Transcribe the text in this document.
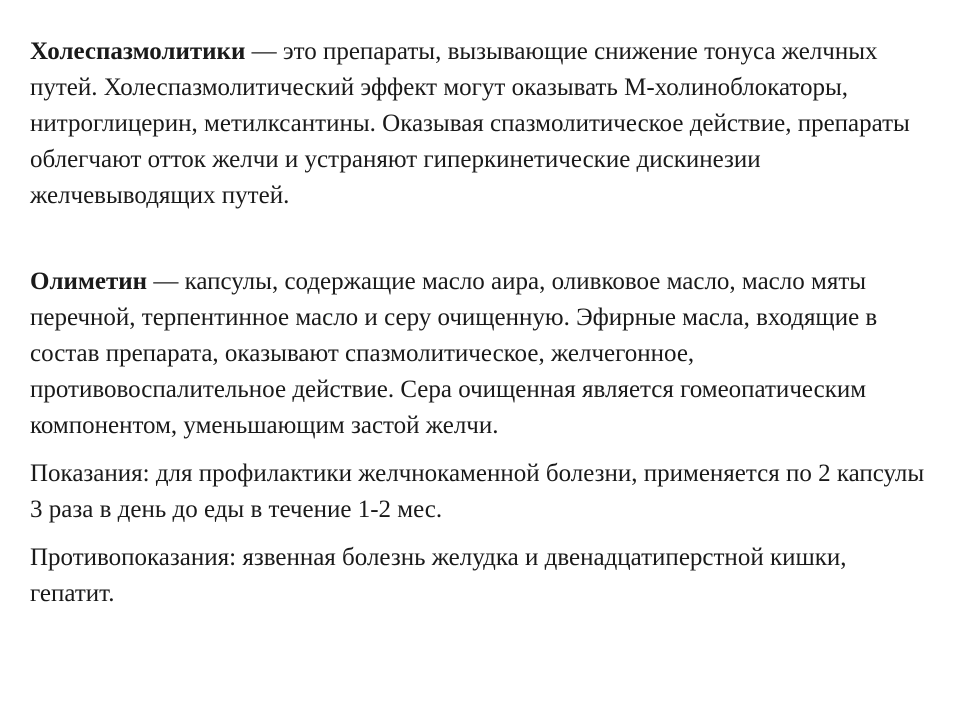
Холеспазмолитики — это препараты, вызывающие снижение тонуса желчных путей. Холеспазмолитический эффект могут оказывать М-холиноблокаторы, нитроглицерин, метилксантины. Оказывая спазмолитическое действие, препараты облегчают отток желчи и устраняют гиперкинетические дискинезии желчевыводящих путей.

Олиметин — капсулы, содержащие масло аира, оливковое масло, масло мяты перечной, терпентинное масло и серу очищенную. Эфирные масла, входящие в состав препарата, оказывают спазмолитическое, желчегонное, противовоспалительное действие. Сера очищенная является гомеопатическим компонентом, уменьшающим застой желчи.

Показания: для профилактики желчнокаменной болезни, применяется по 2 капсулы 3 раза в день до еды в течение 1-2 мес.

Противопоказания: язвенная болезнь желудка и двенадцатиперстной кишки, гепатит.
